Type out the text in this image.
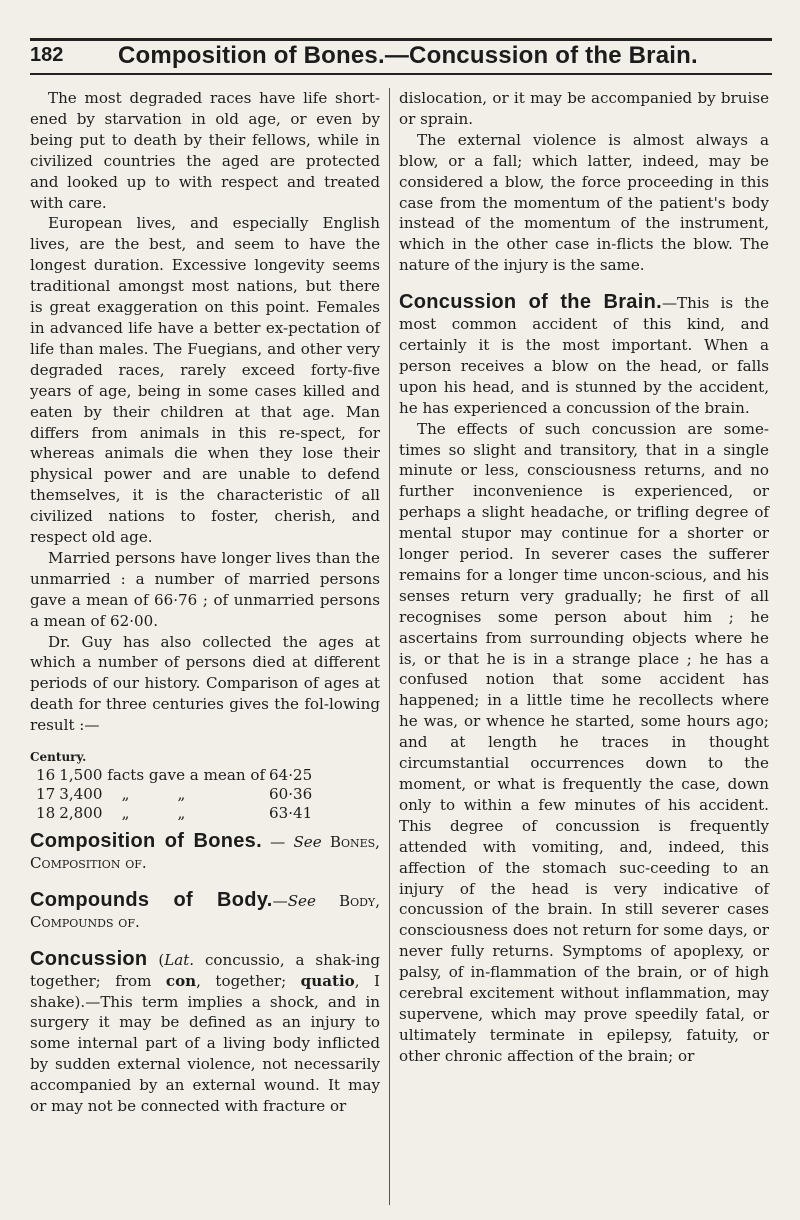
182 Composition of Bones.—Concussion of the Brain.

The most degraded races have life short-ened by starvation in old age, or even by being put to death by their fellows, while in civilized countries the aged are protected and looked up to with respect and treated with care.

European lives, and especially English lives, are the best, and seem to have the longest duration. Excessive longevity seems traditional amongst most nations, but there is great exaggeration on this point. Females in advanced life have a better ex-pectation of life than males. The Fuegians, and other very degraded races, rarely exceed forty-five years of age, being in some cases killed and eaten by their children at that age. Man differs from animals in this re-spect, for whereas animals die when they lose their physical power and are unable to defend themselves, it is the characteristic of all civilized nations to foster, cherish, and respect old age.

Married persons have longer lives than the unmarried : a number of married persons gave a mean of 66·76 ; of unmarried persons a mean of 62·00.

Dr. Guy has also collected the ages at which a number of persons died at different periods of our history. Comparison of ages at death for three centuries gives the fol-lowing result :—

Century.
16	1,500 facts gave a mean of	64·25
17	3,400 „ „	60·36
18	2,800 „ „	63·41

Composition of Bones. — See Bones, Composition of.

Compounds of Body.—See Body, Compounds of.

Concussion (Lat. concussio, a shak-ing together; from con, together; quatio, I shake).—This term implies a shock, and in surgery it may be defined as an injury to some internal part of a living body inflicted by sudden external violence, not necessarily accompanied by an external wound. It may or may not be connected with fracture or

dislocation, or it may be accompanied by bruise or sprain.

The external violence is almost always a blow, or a fall; which latter, indeed, may be considered a blow, the force proceeding in this case from the momentum of the patient's body instead of the momentum of the instrument, which in the other case in-flicts the blow. The nature of the injury is the same.

Concussion of the Brain.—This is the most common accident of this kind, and certainly it is the most important. When a person receives a blow on the head, or falls upon his head, and is stunned by the accident, he has experienced a concussion of the brain.

The effects of such concussion are some-times so slight and transitory, that in a single minute or less, consciousness returns, and no further inconvenience is experienced, or perhaps a slight headache, or trifling degree of mental stupor may continue for a shorter or longer period. In severer cases the sufferer remains for a longer time uncon-scious, and his senses return very gradually; he first of all recognises some person about him ; he ascertains from surrounding objects where he is, or that he is in a strange place ; he has a confused notion that some accident has happened; in a little time he recollects where he was, or whence he started, some hours ago; and at length he traces in thought circumstantial occurrences down to the moment, or what is frequently the case, down only to within a few minutes of his accident. This degree of concussion is frequently attended with vomiting, and, indeed, this affection of the stomach suc-ceeding to an injury of the head is very indicative of concussion of the brain. In still severer cases consciousness does not return for some days, or never fully returns. Symptoms of apoplexy, or palsy, of in-flammation of the brain, or of high cerebral excitement without inflammation, may supervene, which may prove speedily fatal, or ultimately terminate in epilepsy, fatuity, or other chronic affection of the brain; or
